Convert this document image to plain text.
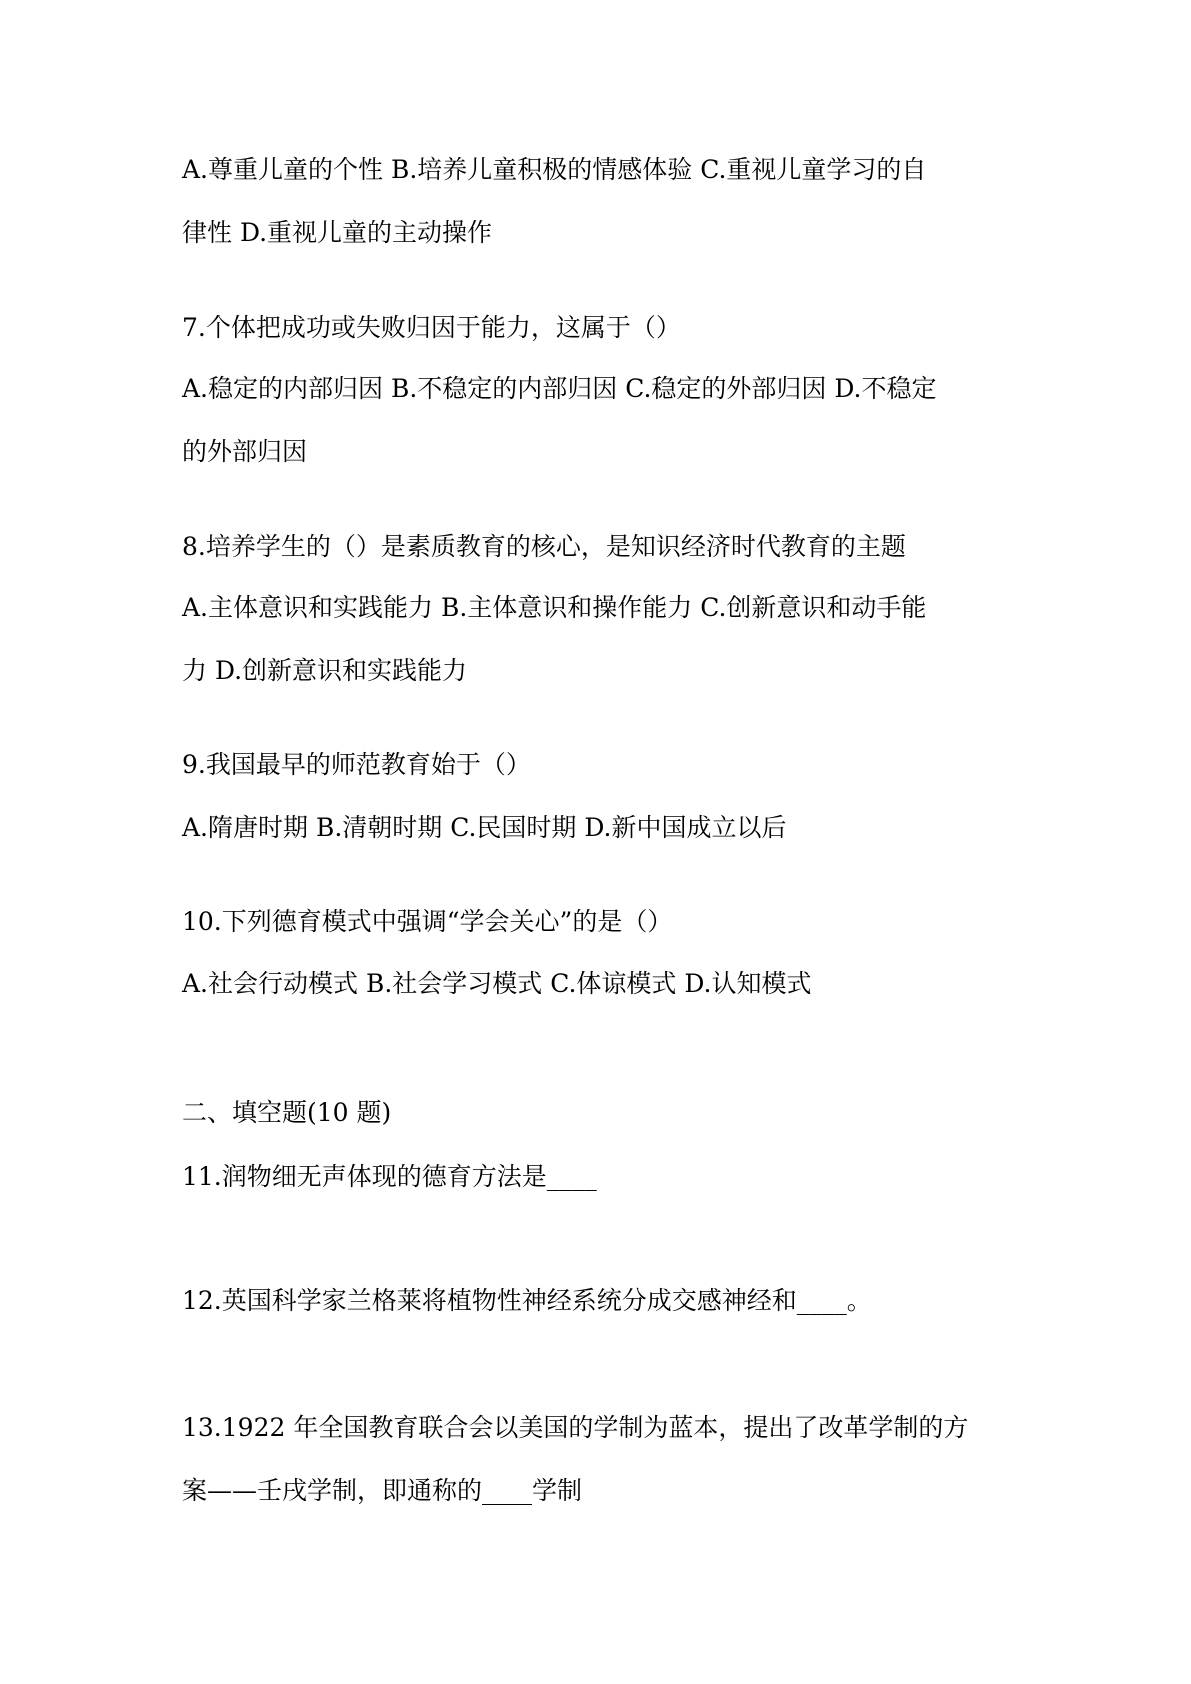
A.尊重儿童的个性 B.培养儿童积极的情感体验 C.重视儿童学习的自
律性 D.重视儿童的主动操作
7.个体把成功或失败归因于能力，这属于（）
A.稳定的内部归因 B.不稳定的内部归因 C.稳定的外部归因 D.不稳定
的外部归因
8.培养学生的（）是素质教育的核心，是知识经济时代教育的主题
A.主体意识和实践能力 B.主体意识和操作能力 C.创新意识和动手能
力 D.创新意识和实践能力
9.我国最早的师范教育始于（）
A.隋唐时期 B.清朝时期 C.民国时期 D.新中国成立以后
10.下列德育模式中强调“学会关心”的是（）
A.社会行动模式 B.社会学习模式 C.体谅模式 D.认知模式
二、填空题(10 题)
11.润物细无声体现的德育方法是____
12.英国科学家兰格莱将植物性神经系统分成交感神经和____。
13.1922 年全国教育联合会以美国的学制为蓝本，提出了改革学制的方
案——壬戌学制，即通称的____学制
